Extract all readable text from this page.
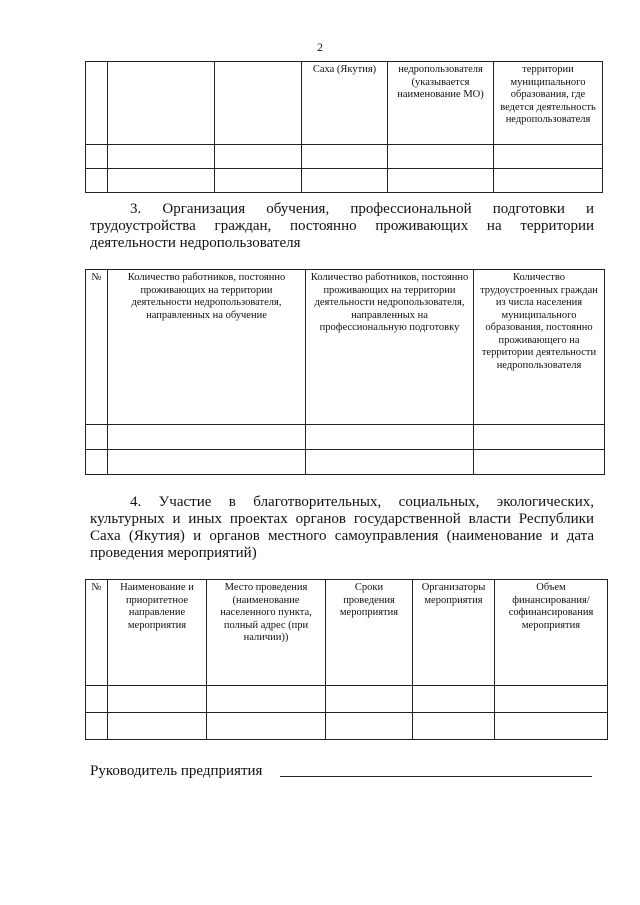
2
			Саха (Якутия)	недропользователя (указывается наименование МО)	территории муниципального образования, где ведется деятельность недропользователя

3. Организация обучения, профессиональной подготовки и трудоустройства граждан, постоянно проживающих на территории деятельности недропользователя
№	Количество работников, постоянно проживающих на территории деятельности недропользователя, направленных на обучение	Количество работников, постоянно проживающих на территории деятельности недропользователя, направленных на профессиональную подготовку	Количество трудоустроенных граждан из числа населения муниципального образования, постоянно проживающего на территории деятельности недропользователя

4. Участие в благотворительных, социальных, экологических, культурных и иных проектах органов государственной власти Республики Саха (Якутия) и органов местного самоуправления (наименование и дата проведения мероприятий)
№	Наименование и приоритетное направление мероприятия	Место проведения (наименование населенного пункта, полный адрес (при наличии))	Сроки проведения мероприятия	Организаторы мероприятия	Объем финансирования/ софинансирования мероприятия

Руководитель предприятия
